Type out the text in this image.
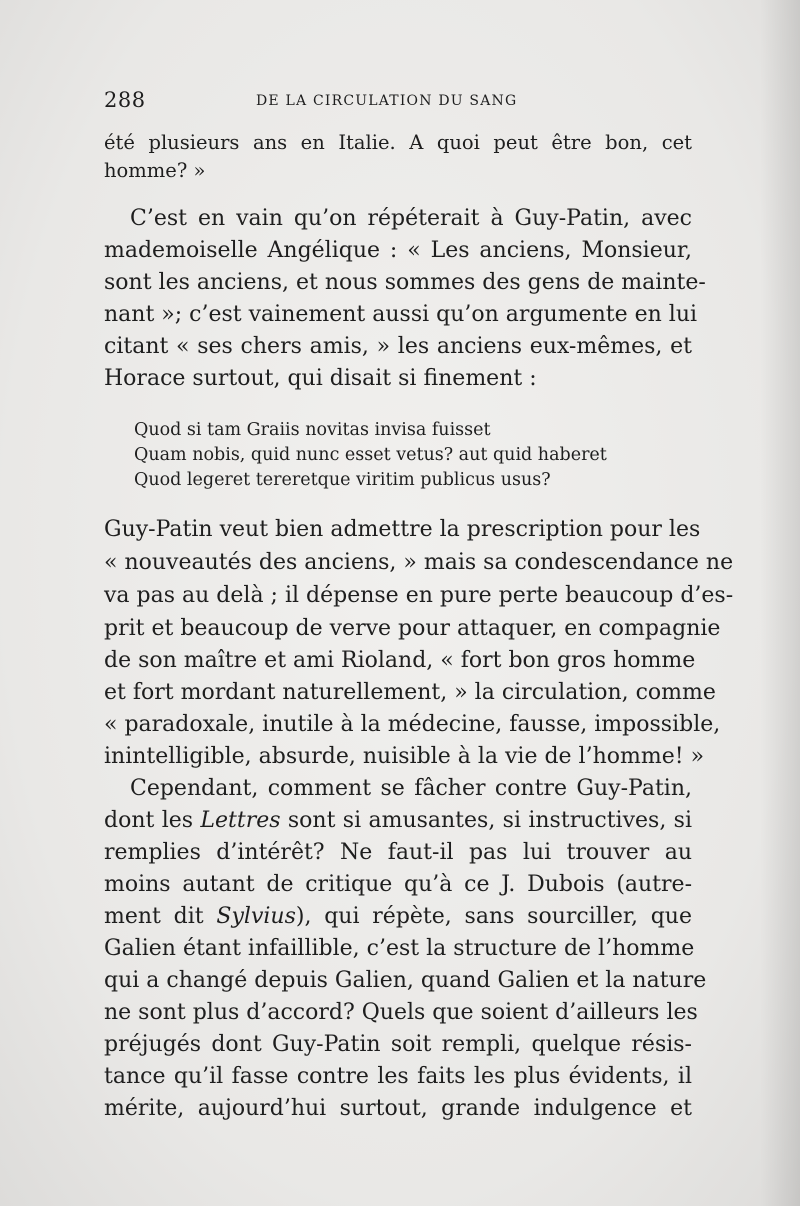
288	DE LA CIRCULATION DU SANG
été plusieurs ans en Italie. A quoi peut être bon, cet
homme? »
C’est en vain qu’on répéterait à Guy-Patin, avec
mademoiselle Angélique : « Les anciens, Monsieur,
sont les anciens, et nous sommes des gens de mainte-
nant »; c’est vainement aussi qu’on argumente en lui
citant « ses chers amis, » les anciens eux-mêmes, et
Horace surtout, qui disait si finement :
Quod si tam Graiis novitas invisa fuisset
Quam nobis, quid nunc esset vetus? aut quid haberet
Quod legeret tereretque viritim publicus usus?
Guy-Patin veut bien admettre la prescription pour les
« nouveautés des anciens, » mais sa condescendance ne
va pas au delà ; il dépense en pure perte beaucoup d’es-
prit et beaucoup de verve pour attaquer, en compagnie
de son maître et ami Rioland, « fort bon gros homme
et fort mordant naturellement, » la circulation, comme
« paradoxale, inutile à la médecine, fausse, impossible,
inintelligible, absurde, nuisible à la vie de l’homme! »
Cependant, comment se fâcher contre Guy-Patin,
dont les Lettres sont si amusantes, si instructives, si
remplies d’intérêt? Ne faut-il pas lui trouver au
moins autant de critique qu’à ce J. Dubois (autre-
ment dit Sylvius), qui répète, sans sourciller, que
Galien étant infaillible, c’est la structure de l’homme
qui a changé depuis Galien, quand Galien et la nature
ne sont plus d’accord? Quels que soient d’ailleurs les
préjugés dont Guy-Patin soit rempli, quelque résis-
tance qu’il fasse contre les faits les plus évidents, il
mérite, aujourd’hui surtout, grande indulgence et
